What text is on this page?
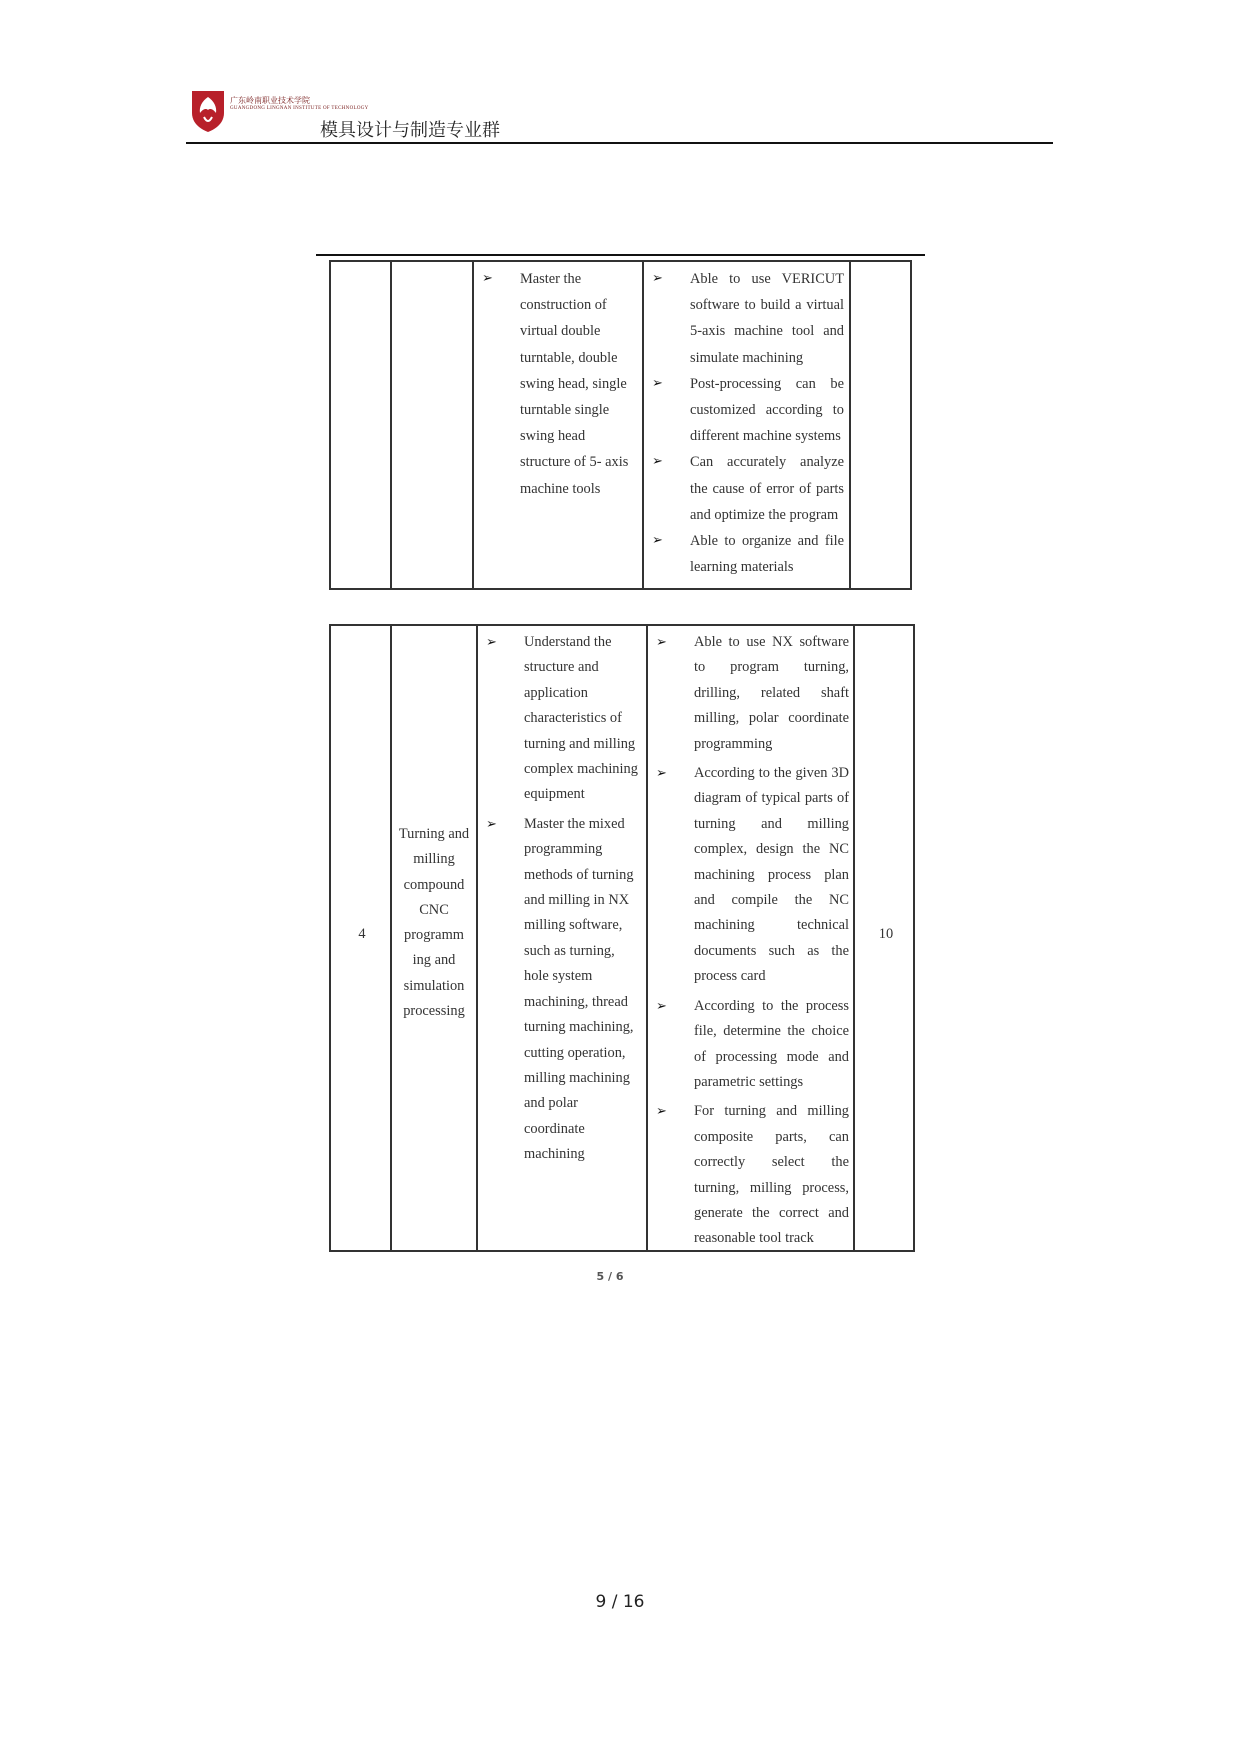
广东岭南职业技术学院
GUANGDONG LINGNAN INSTITUTE OF TECHNOLOGY
模具设计与制造专业群
➢ Master the construction of virtual double turntable, double swing head, single turntable single swing head structure of 5- axis machine tools
➢ Able to use VERICUT software to build a virtual 5-axis machine tool and simulate machining
➢ Post-processing can be customized according to different machine systems
➢ Can accurately analyze the cause of error of parts and optimize the program
➢ Able to organize and file learning materials
4
Turning and milling compound CNC programm ing and simulation processing
10
➢ Understand the structure and application characteristics of turning and milling complex machining equipment
➢ Master the mixed programming methods of turning and milling in NX milling software, such as turning, hole system machining, thread turning machining, cutting operation, milling machining and polar coordinate machining
➢ Able to use NX software to program turning, drilling, related shaft milling, polar coordinate programming
➢ According to the given 3D diagram of typical parts of turning and milling complex, design the NC machining process plan and compile the NC machining technical documents such as the process card
➢ According to the process file, determine the choice of processing mode and parametric settings
➢ For turning and milling composite parts, can correctly select the turning, milling process, generate the correct and reasonable tool track
5 / 6
9 / 16
